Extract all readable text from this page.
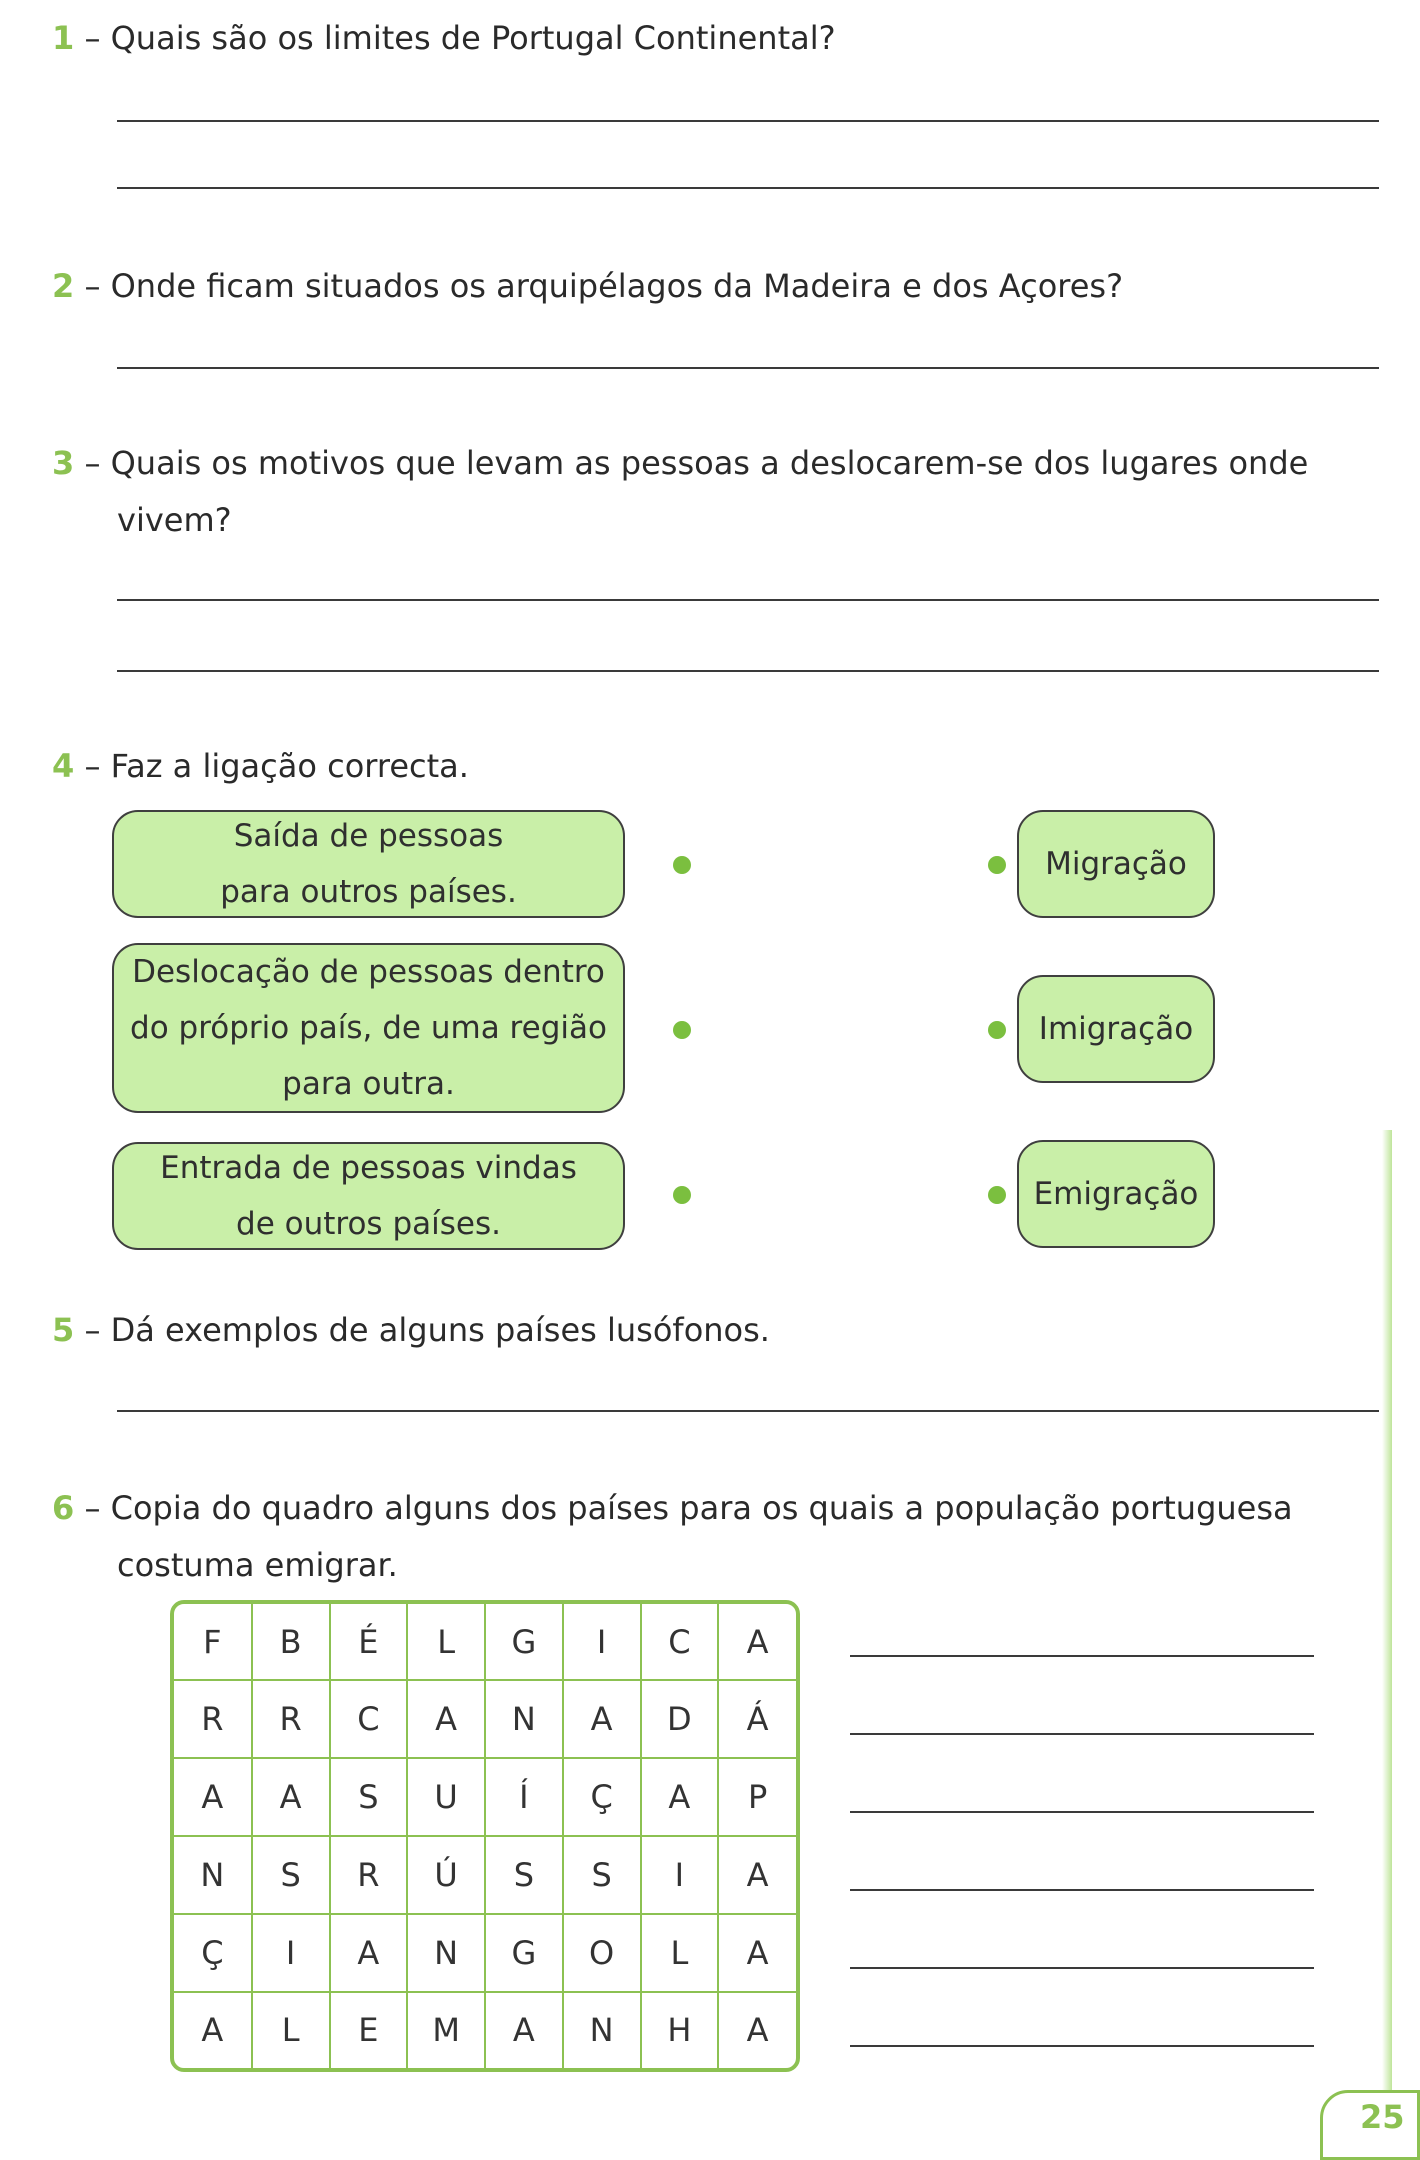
1 – Quais são os limites de Portugal Continental?
2 – Onde ficam situados os arquipélagos da Madeira e dos Açores?
3 – Quais os motivos que levam as pessoas a deslocarem-se dos lugares onde
vivem?
4 – Faz a ligação correcta.
Saída de pessoas
para outros países.
Deslocação de pessoas dentro
do próprio país, de uma região
para outra.
Entrada de pessoas vindas
de outros países.
Migração
Imigração
Emigração
5 – Dá exemplos de alguns países lusófonos.
6 – Copia do quadro alguns dos países para os quais a população portuguesa
costuma emigrar.
F	B	É	L	G	I	C	A
R	R	C	A	N	A	D	Á
A	A	S	U	Í	Ç	A	P
N	S	R	Ú	S	S	I	A
Ç	I	A	N	G	O	L	A
A	L	E	M	A	N	H	A
25
